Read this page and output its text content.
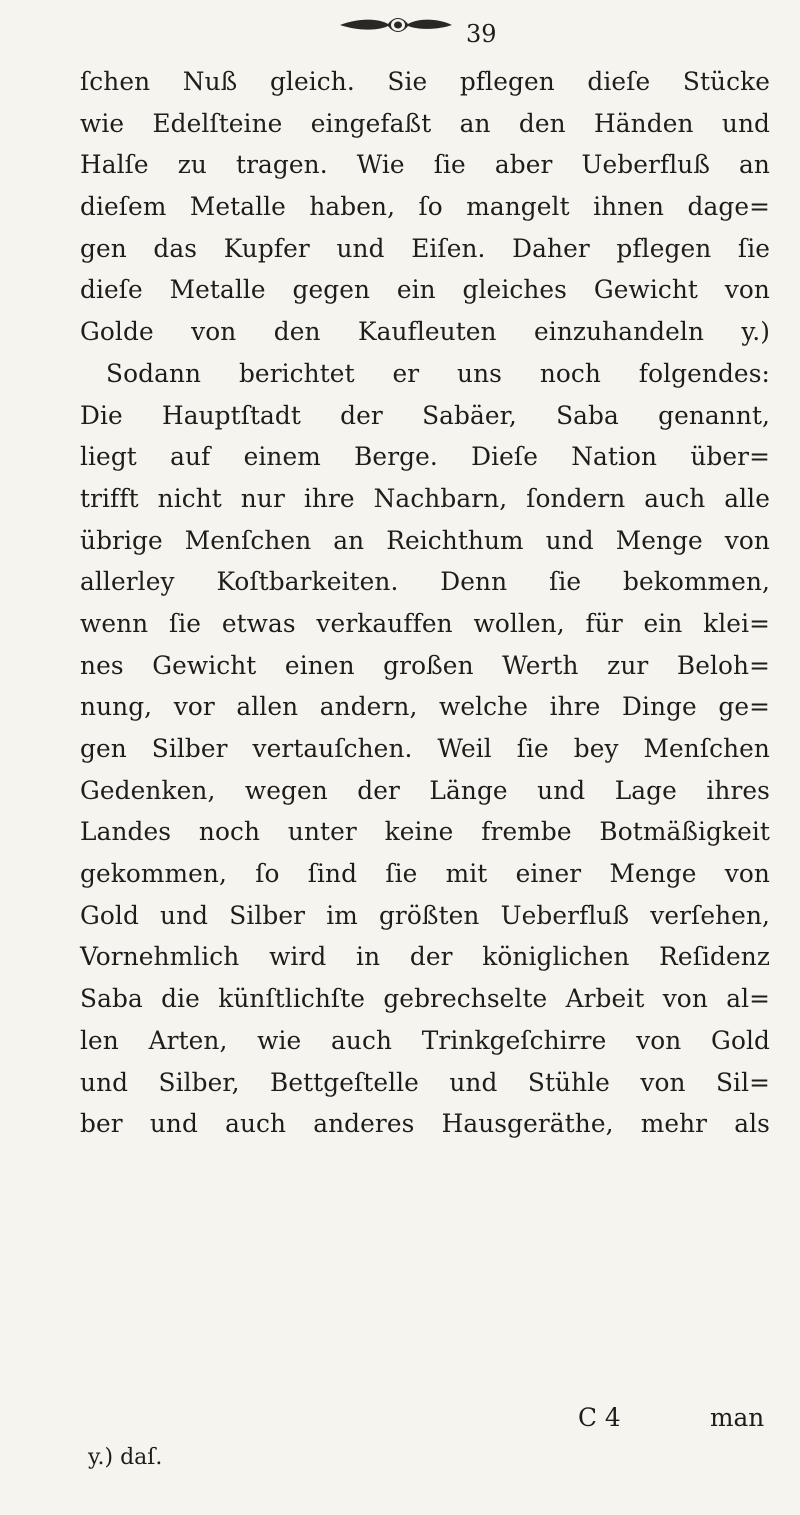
39
ſchen Nuß gleich. Sie pflegen dieſe Stücke
wie Edelſteine eingefaßt an den Händen und
Halſe zu tragen. Wie ſie aber Ueberfluß an
dieſem Metalle haben, ſo mangelt ihnen dage=
gen das Kupfer und Eiſen. Daher pflegen ſie
dieſe Metalle gegen ein gleiches Gewicht von
Golde von den Kaufleuten einzuhandeln y.)
Sodann berichtet er uns noch folgendes:
Die Hauptſtadt der Sabäer, Saba genannt,
liegt auf einem Berge. Dieſe Nation über=
trifft nicht nur ihre Nachbarn, ſondern auch alle
übrige Menſchen an Reichthum und Menge von
allerley Koſtbarkeiten. Denn ſie bekommen,
wenn ſie etwas verkauffen wollen, für ein klei=
nes Gewicht einen großen Werth zur Beloh=
nung, vor allen andern, welche ihre Dinge ge=
gen Silber vertauſchen. Weil ſie bey Menſchen
Gedenken, wegen der Länge und Lage ihres
Landes noch unter keine frembe Botmäßigkeit
gekommen, ſo ſind ſie mit einer Menge von
Gold und Silber im größten Ueberfluß verſehen,
Vornehmlich wird in der königlichen Reſidenz
Saba die künſtlichſte gebrechselte Arbeit von al=
len Arten, wie auch Trinkgeſchirre von Gold
und Silber, Bettgeſtelle und Stühle von Sil=
ber und auch anderes Hausgeräthe, mehr als
C 4	man
y.) daſ.
